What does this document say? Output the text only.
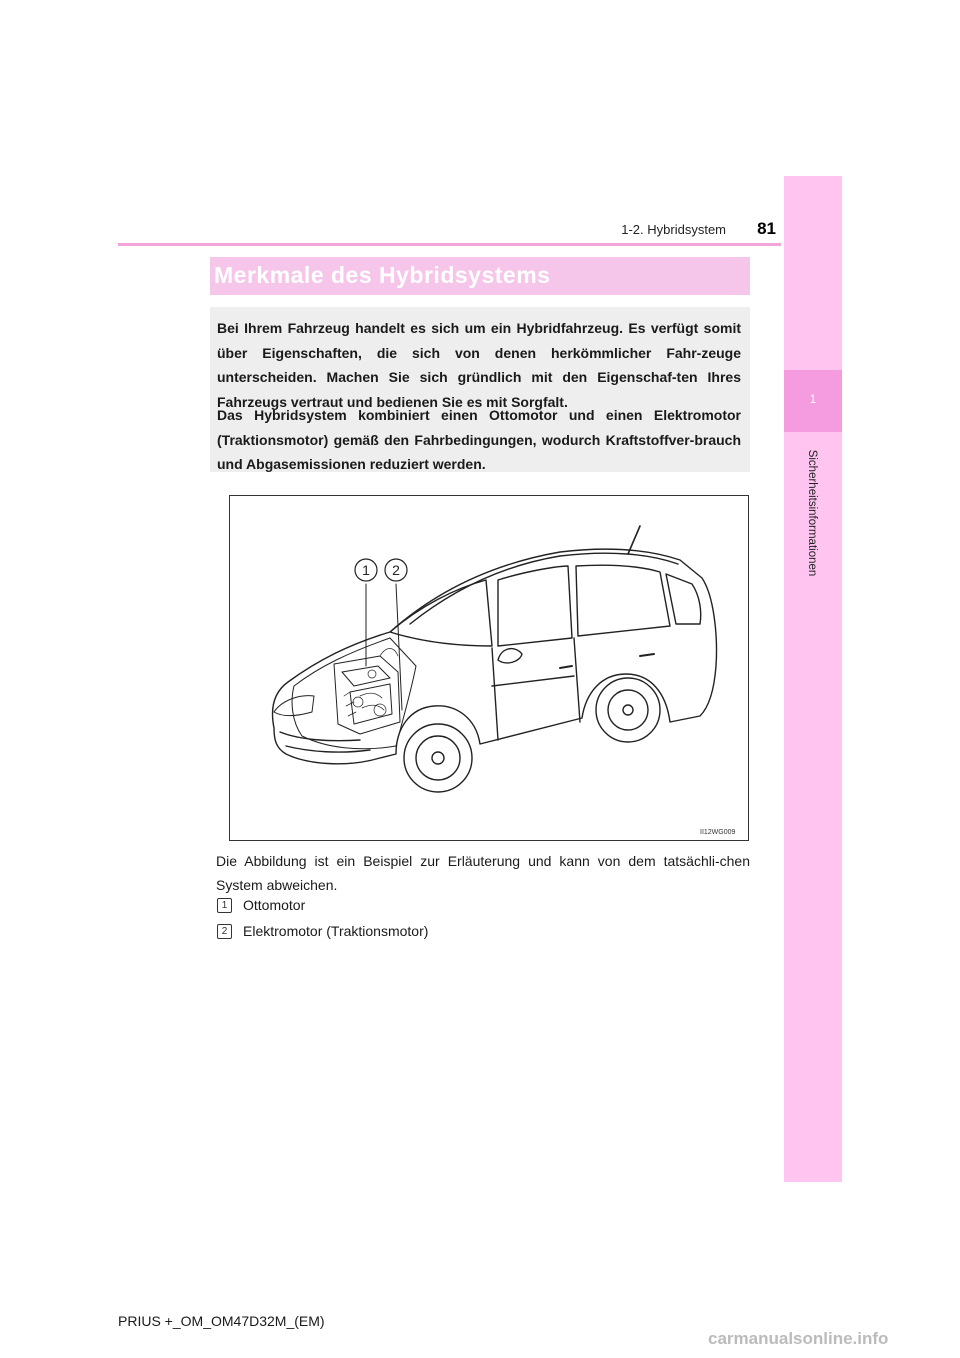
1
Sicherheitsinformationen
1-2. Hybridsystem	81
Merkmale des Hybridsystems
Bei Ihrem Fahrzeug handelt es sich um ein Hybridfahrzeug. Es verfügt somit über Eigenschaften, die sich von denen herkömmlicher Fahr-zeuge unterscheiden. Machen Sie sich gründlich mit den Eigenschaf-ten Ihres Fahrzeugs vertraut und bedienen Sie es mit Sorgfalt.
Das Hybridsystem kombiniert einen Ottomotor und einen Elektromotor (Traktionsmotor) gemäß den Fahrbedingungen, wodurch Kraftstoffver-brauch und Abgasemissionen reduziert werden.
1 2
II12WG009
Die Abbildung ist ein Beispiel zur Erläuterung und kann von dem tatsächli-chen System abweichen.
1	Ottomotor
2	Elektromotor (Traktionsmotor)
PRIUS +_OM_OM47D32M_(EM)
carmanualsonline.info
